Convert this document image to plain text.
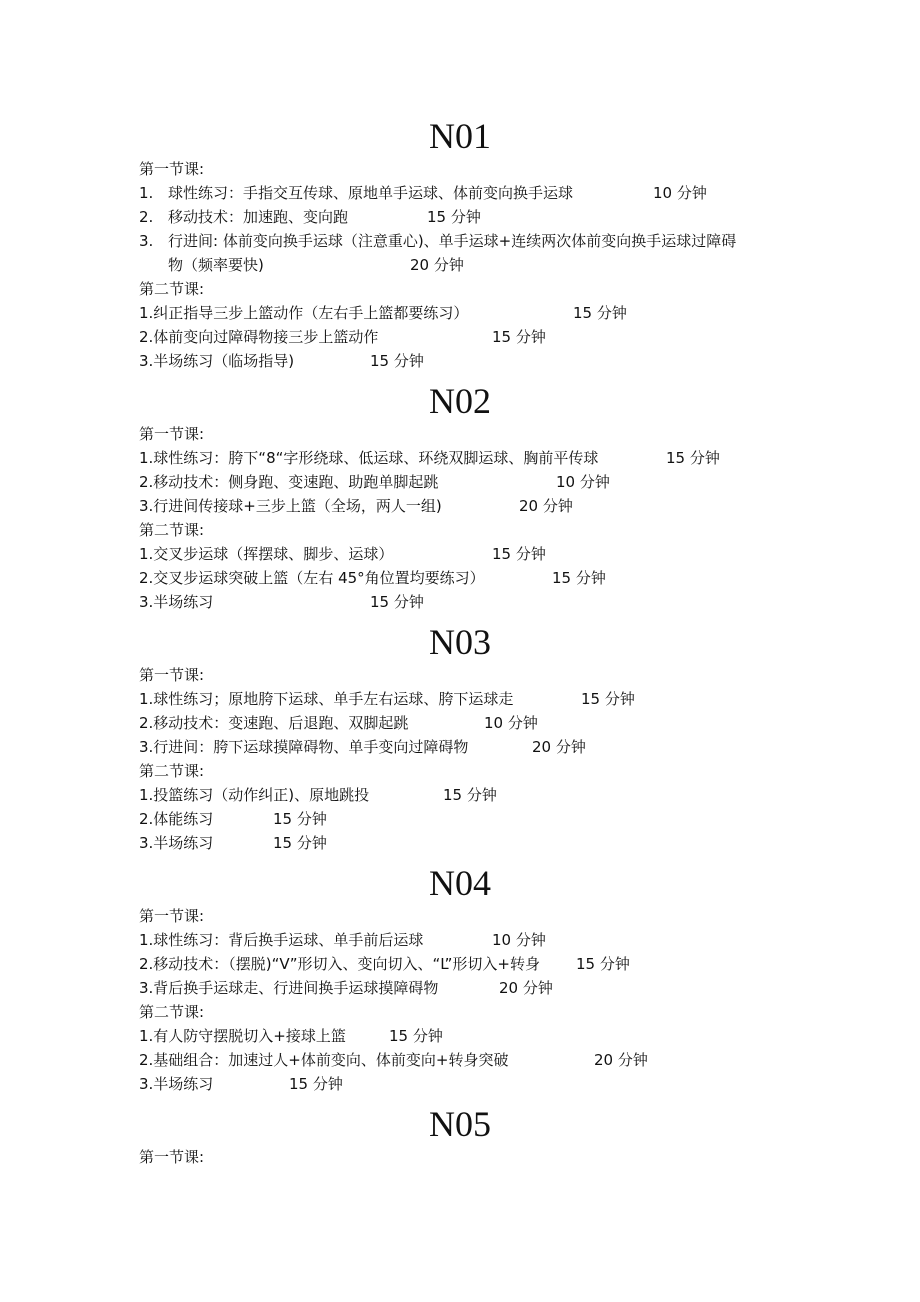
N01
第一节课:
1. 球性练习：手指交互传球、原地单手运球、体前变向换手运球	10 分钟
2. 移动技术：加速跑、变向跑	15 分钟
3. 行进间: 体前变向换手运球（注意重心)、单手运球+连续两次体前变向换手运球过障碍
物（频率要快)	20 分钟
第二节课:
1.纠正指导三步上篮动作（左右手上篮都要练习）	15 分钟
2.体前变向过障碍物接三步上篮动作	15 分钟
3.半场练习（临场指导)	15 分钟
N02
第一节课:
1.球性练习：胯下“8“字形绕球、低运球、环绕双脚运球、胸前平传球	15 分钟
2.移动技术：侧身跑、变速跑、助跑单脚起跳	10 分钟
3.行进间传接球+三步上篮（全场，两人一组)	20 分钟
第二节课:
1.交叉步运球（挥摆球、脚步、运球）	15 分钟
2.交叉步运球突破上篮（左右 45°角位置均要练习）	15 分钟
3.半场练习	15 分钟
N03
第一节课:
1.球性练习；原地胯下运球、单手左右运球、胯下运球走	15 分钟
2.移动技术：变速跑、后退跑、双脚起跳	10 分钟
3.行进间：胯下运球摸障碍物、单手变向过障碍物	20 分钟
第二节课:
1.投篮练习（动作纠正)、原地跳投	15 分钟
2.体能练习	15 分钟
3.半场练习	15 分钟
N04
第一节课:
1.球性练习：背后换手运球、单手前后运球	10 分钟
2.移动技术：（摆脱)“V”形切入、变向切入、“L”形切入+转身 15 分钟
3.背后换手运球走、行进间换手运球摸障碍物	20 分钟
第二节课:
1.有人防守摆脱切入+接球上篮	15 分钟
2.基础组合：加速过人+体前变向、体前变向+转身突破	20 分钟
3.半场练习	15 分钟
N05
第一节课:
